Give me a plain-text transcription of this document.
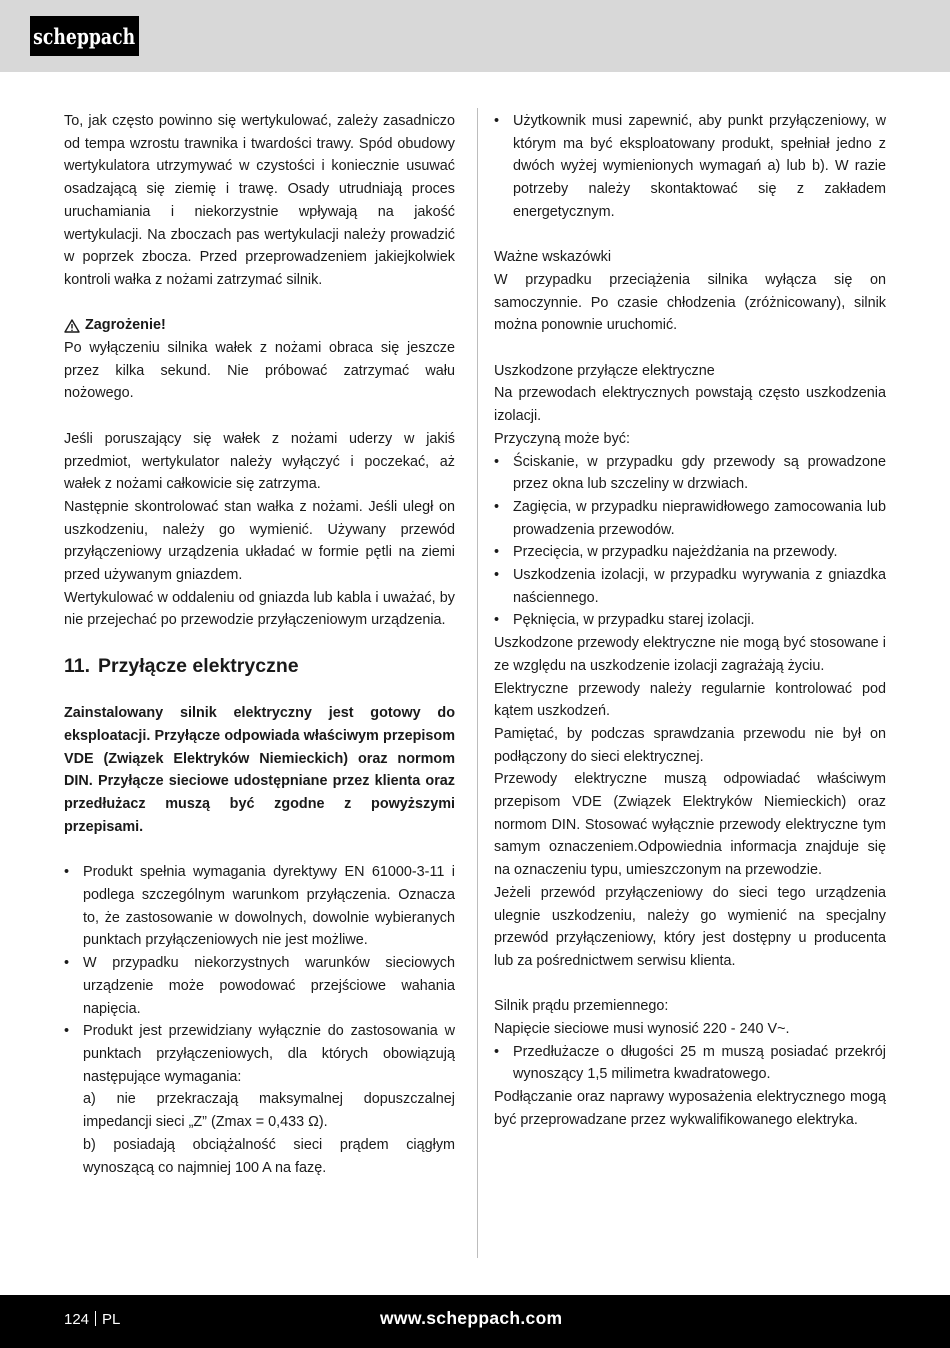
scheppach

To, jak często powinno się wertykulować, zależy zasadniczo od tempa wzrostu trawnika i twardości trawy. Spód obudowy wertykulatora utrzymywać w czystości i koniecznie usuwać osadzającą się ziemię i trawę. Osady utrudniają proces uruchamiania i niekorzystnie wpływają na jakość wertykulacji. Na zboczach pas wertykulacji należy prowadzić w poprzek zbocza. Przed przeprowadzeniem jakiejkolwiek kontroli wałka z nożami zatrzymać silnik.

Zagrożenie!

Po wyłączeniu silnika wałek z nożami obraca się jeszcze przez kilka sekund. Nie próbować zatrzymać wału nożowego.

Jeśli poruszający się wałek z nożami uderzy w jakiś przedmiot, wertykulator należy wyłączyć i poczekać, aż wałek z nożami całkowicie się zatrzyma.

Następnie skontrolować stan wałka z nożami. Jeśli uległ on uszkodzeniu, należy go wymienić. Używany przewód przyłączeniowy urządzenia układać w formie pętli na ziemi przed używanym gniazdem.

Wertykulować w oddaleniu od gniazda lub kabla i uważać, by nie przejechać po przewodzie przyłączeniowym urządzenia.

11. Przyłącze elektryczne

Zainstalowany silnik elektryczny jest gotowy do eksploatacji. Przyłącze odpowiada właściwym przepisom VDE (Związek Elektryków Niemieckich) oraz normom DIN. Przyłącze sieciowe udostępniane przez klienta oraz przedłużacz muszą być zgodne z powyższymi przepisami.

• Produkt spełnia wymagania dyrektywy EN 61000-3-11 i podlega szczególnym warunkom przyłączenia. Oznacza to, że zastosowanie w dowolnych, dowolnie wybieranych punktach przyłączeniowych nie jest możliwe.
• W przypadku niekorzystnych warunków sieciowych urządzenie może powodować przejściowe wahania napięcia.
• Produkt jest przewidziany wyłącznie do zastosowania w punktach przyłączeniowych, dla których obowiązują następujące wymagania:
a) nie przekraczają maksymalnej dopuszczalnej impedancji sieci „Z” (Zmax = 0,433 Ω).
b) posiadają obciążalność sieci prądem ciągłym wynoszącą co najmniej 100 A na fazę.
• Użytkownik musi zapewnić, aby punkt przyłączeniowy, w którym ma być eksploatowany produkt, spełniał jedno z dwóch wyżej wymienionych wymagań a) lub b). W razie potrzeby należy skontaktować się z zakładem energetycznym.

Ważne wskazówki

W przypadku przeciążenia silnika wyłącza się on samoczynnie. Po czasie chłodzenia (zróżnicowany), silnik można ponownie uruchomić.

Uszkodzone przyłącze elektryczne

Na przewodach elektrycznych powstają często uszkodzenia izolacji.

Przyczyną może być:

• Ściskanie, w przypadku gdy przewody są prowadzone przez okna lub szczeliny w drzwiach.
• Zagięcia, w przypadku nieprawidłowego zamocowania lub prowadzenia przewodów.
• Przecięcia, w przypadku najeżdżania na przewody.
• Uszkodzenia izolacji, w przypadku wyrywania z gniazdka naściennego.
• Pęknięcia, w przypadku starej izolacji.

Uszkodzone przewody elektryczne nie mogą być stosowane i ze względu na uszkodzenie izolacji zagrażają życiu.

Elektryczne przewody należy regularnie kontrolować pod kątem uszkodzeń.

Pamiętać, by podczas sprawdzania przewodu nie był on podłączony do sieci elektrycznej.

Przewody elektryczne muszą odpowiadać właściwym przepisom VDE (Związek Elektryków Niemieckich) oraz normom DIN. Stosować wyłącznie przewody elektryczne tym samym oznaczeniem.Odpowiednia informacja znajduje się na oznaczeniu typu, umieszczonym na przewodzie.

Jeżeli przewód przyłączeniowy do sieci tego urządzenia ulegnie uszkodzeniu, należy go wymienić na specjalny przewód przyłączeniowy, który jest dostępny u producenta lub za pośrednictwem serwisu klienta.

Silnik prądu przemiennego:

Napięcie sieciowe musi wynosić 220 - 240 V~.

• Przedłużacze o długości 25 m muszą posiadać przekrój wynoszący 1,5 milimetra kwadratowego.

Podłączanie oraz naprawy wyposażenia elektrycznego mogą być przeprowadzane przez wykwalifikowanego elektryka.

124 PL	www.scheppach.com
